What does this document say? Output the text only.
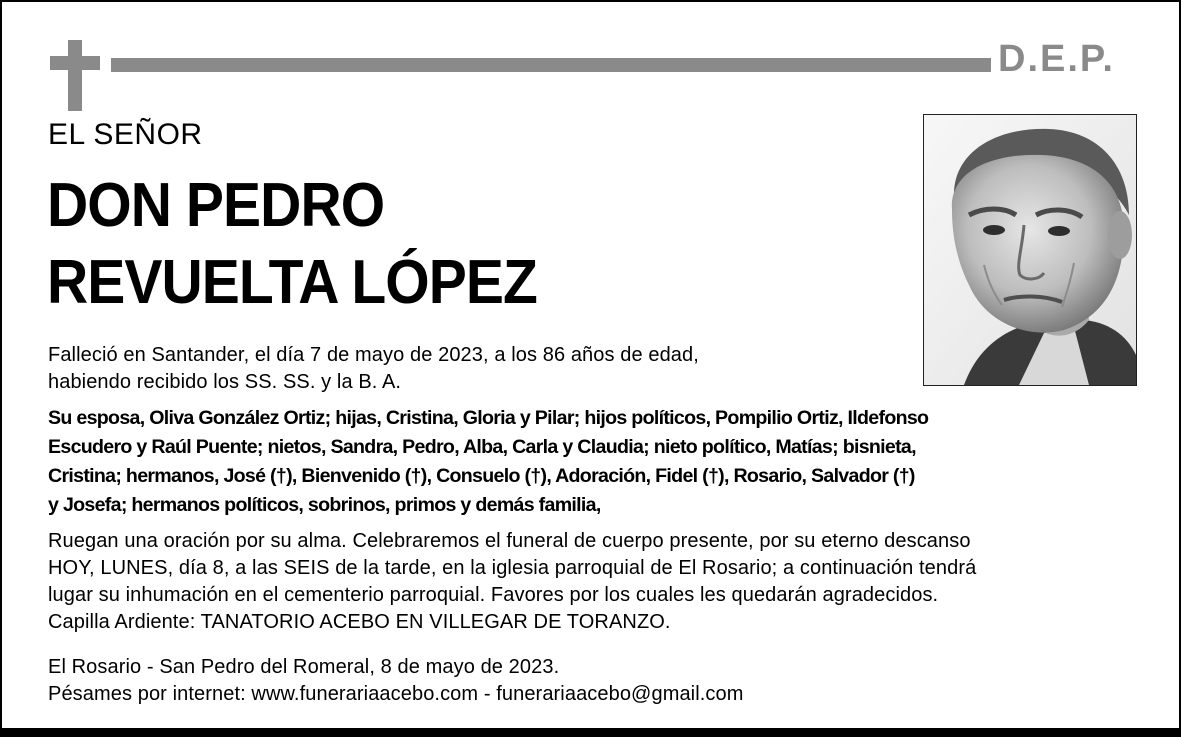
D.E.P.
EL SEÑOR
DON PEDRO
REVUELTA LÓPEZ
Falleció en Santander, el día 7 de mayo de 2023, a los 86 años de edad,
habiendo recibido los SS. SS. y la B. A.
Su esposa, Oliva González Ortiz; hijas, Cristina, Gloria y Pilar; hijos políticos, Pompilio Ortiz, Ildefonso
Escudero y Raúl Puente; nietos, Sandra, Pedro, Alba, Carla y Claudia; nieto político, Matías; bisnieta,
Cristina; hermanos, José (†), Bienvenido (†), Consuelo (†), Adoración, Fidel (†), Rosario, Salvador (†)
y Josefa; hermanos políticos, sobrinos, primos y demás familia,
Ruegan una oración por su alma. Celebraremos el funeral de cuerpo presente, por su eterno descanso
HOY, LUNES, día 8, a las SEIS de la tarde, en la iglesia parroquial de El Rosario; a continuación tendrá
lugar su inhumación en el cementerio parroquial. Favores por los cuales les quedarán agradecidos.
Capilla Ardiente: TANATORIO ACEBO EN VILLEGAR DE TORANZO.
El Rosario - San Pedro del Romeral, 8 de mayo de 2023.
Pésames por internet: www.funerariaacebo.com - funerariaacebo@gmail.com
